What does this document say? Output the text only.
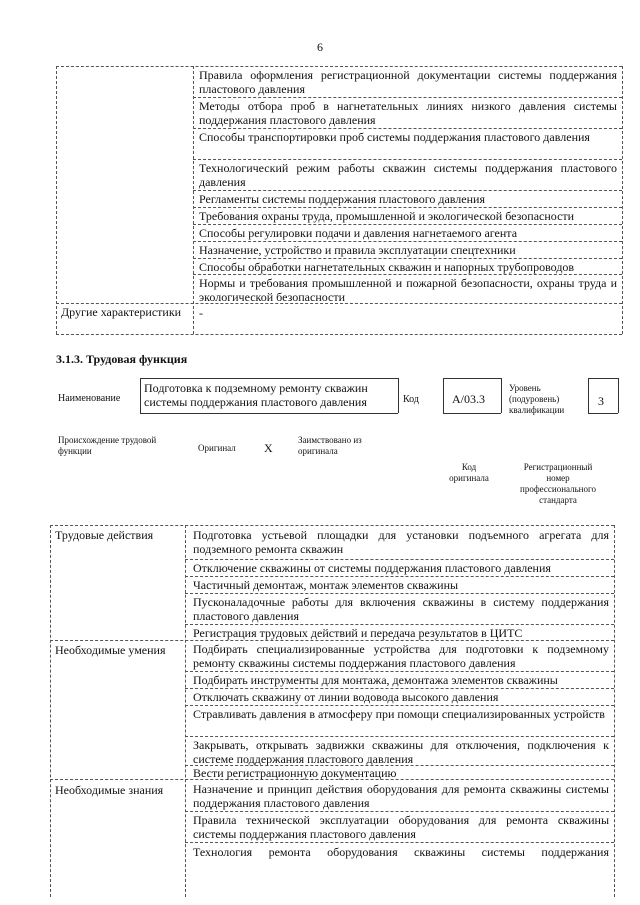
6
Правила оформления регистрационной документации системы поддержания пластового давления
Методы отбора проб в нагнетательных линиях низкого давления системы поддержания пластового давления
Способы транспортировки проб системы поддержания пластового давления
Технологический режим работы скважин системы поддержания пластового давления
Регламенты системы поддержания пластового давления
Требования охраны труда, промышленной и экологической безопасности
Способы регулировки подачи и давления нагнетаемого агента
Назначение, устройство и правила эксплуатации спецтехники
Способы обработки нагнетательных скважин и напорных трубопроводов
Нормы и требования промышленной и пожарной безопасности, охраны труда и экологической безопасности
Другие характеристики	-
3.1.3. Трудовая функция
Наименование
Подготовка к подземному ремонту скважин системы поддержания пластового давления	Код	А/03.3
Уровень (подуровень) квалификации
3
Происхождение трудовой функции	Оригинал X
Заимствовано из оригинала
Код оригинала
Регистрационный номер профессионального стандарта
Трудовые действия	Подготовка устьевой площадки для установки подъемного агрегата для подземного ремонта скважин
Отключение скважины от системы поддержания пластового давления
Частичный демонтаж, монтаж элементов скважины
Пусконаладочные работы для включения скважины в систему поддержания пластового давления
Регистрация трудовых действий и передача результатов в ЦИТС
Необходимые умения Подбирать специализированные устройства для подготовки к подземному ремонту скважины системы поддержания пластового давления
Подбирать инструменты для монтажа, демонтажа элементов скважины
Отключать скважину от линии водовода высокого давления
Стравливать давления в атмосферу при помощи специализированных устройств
Закрывать, открывать задвижки скважины для отключения, подключения к системе поддержания пластового давления
Вести регистрационную документацию
Необходимые знания Назначение и принцип действия оборудования для ремонта скважины системы поддержания пластового давления
Правила технической эксплуатации оборудования для ремонта скважины системы поддержания пластового давления
Технология ремонта оборудования скважины системы поддержания
